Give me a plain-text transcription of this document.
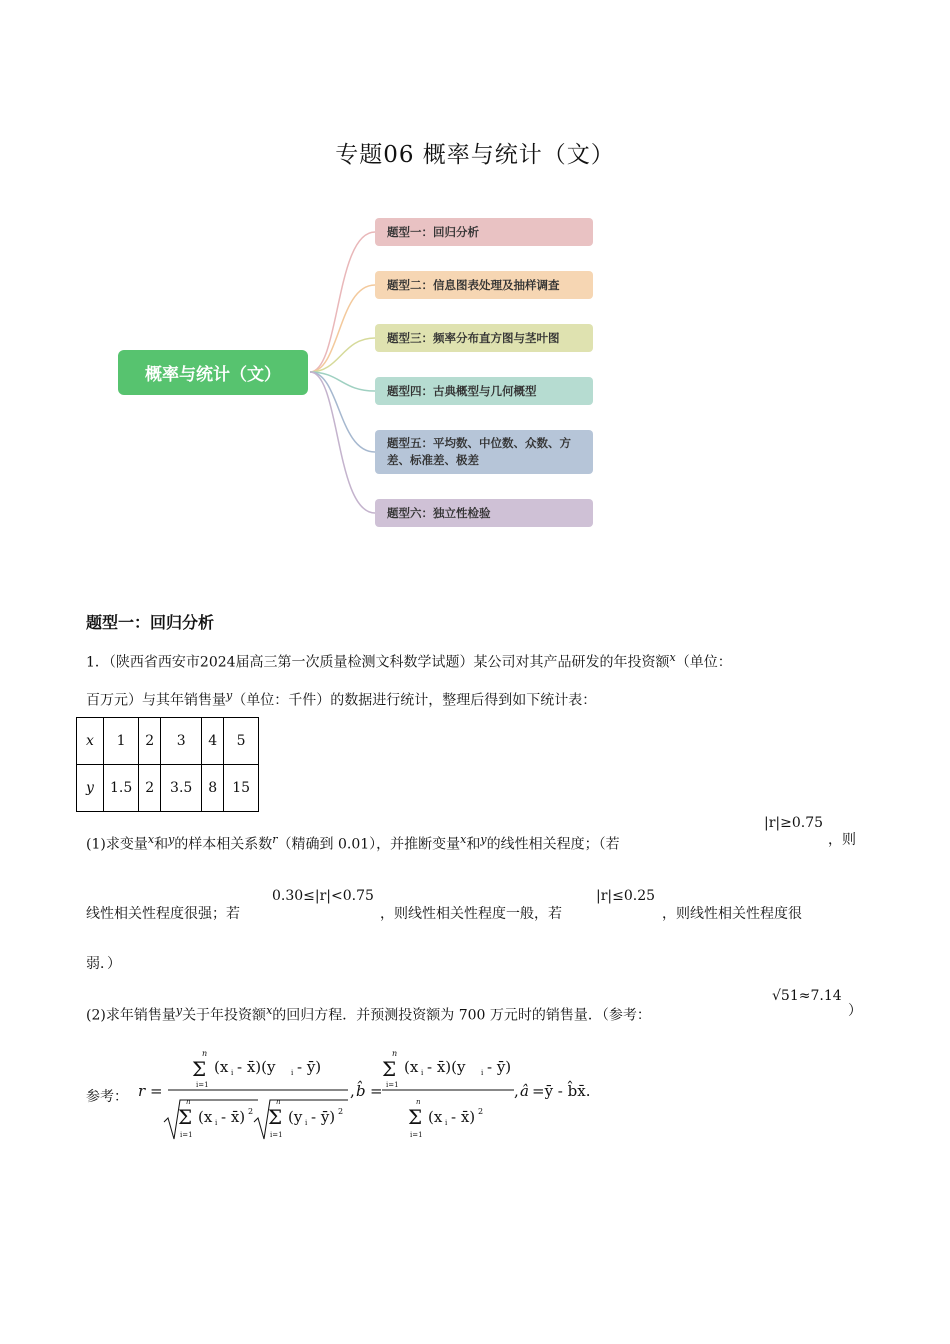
专题06 概率与统计（文）
概率与统计（文）
题型一：回归分析
题型二：信息图表处理及抽样调查
题型三：频率分布直方图与茎叶图
题型四：古典概型与几何概型
题型五：平均数、中位数、众数、方差、标准差、极差
题型六：独立性检验
题型一：回归分析
1．（陕西省西安市2024届高三第一次质量检测文科数学试题）某公司对其产品研发的年投资额$^x$（单位：
百万元）与其年销售量$^y$（单位：千件）的数据进行统计，整理后得到如下统计表：
x	1	2	3	4	5
y	1.5	2	3.5	8	15
(1)求变量$^x$和$^y$的样本相关系数$^r$（精确到 0.01），并推断变量$^x$和$^y$的线性相关程度；（若
|r|≥0.75
，则
线性相关性程度很强；若
0.30≤|r|<0.75
，则线性相关性程度一般，若
|r|≤0.25
，则线性相关性程度很
弱．）
(2)求年销售量$^y$关于年投资额$^x$的回归方程．并预测投资额为 700 万元时的销售量．（参考：
√51≈7.14
）
参考： r =
n
Σ
i=1
(x i - x̄)(y i - ȳ)
n
Σ
i=1
(x i - x̄) 2
n
Σ
i=1
(y i - ȳ) 2
, b̂ =
n
Σ
i=1
(x i - x̄)(y i - ȳ)
n
Σ
i=1
(x i - x̄) 2
, â =ȳ - b̂x̄.
